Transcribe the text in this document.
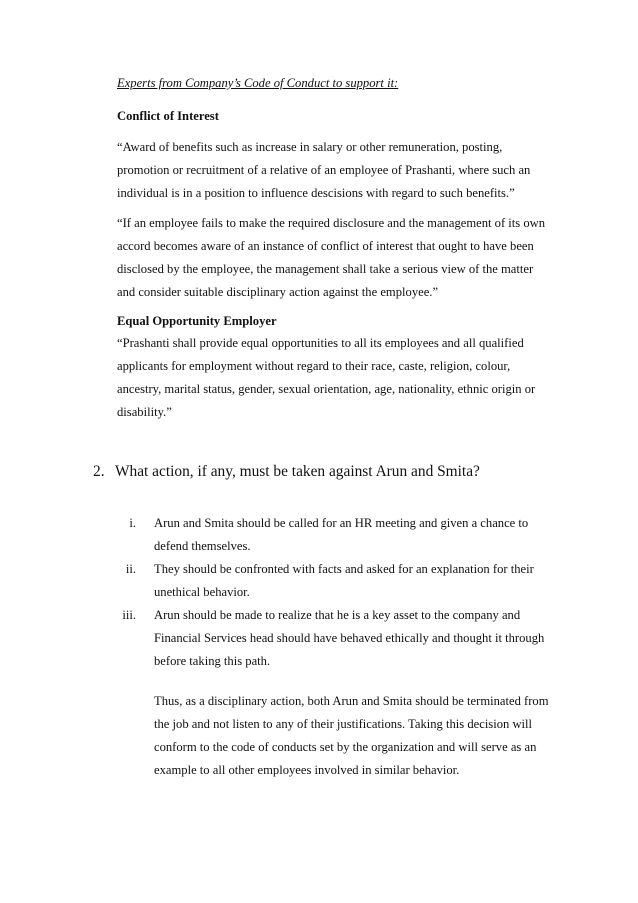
Experts from Company’s Code of Conduct to support it:
Conflict of Interest
“Award of benefits such as increase in salary or other remuneration, posting,
promotion or recruitment of a relative of an employee of Prashanti, where such an
individual is in a position to influence descisions with regard to such benefits.”
“If an employee fails to make the required disclosure and the management of its own
accord becomes aware of an instance of conflict of interest that ought to have been
disclosed by the employee, the management shall take a serious view of the matter
and consider suitable disciplinary action against the employee.”
Equal Opportunity Employer
“Prashanti shall provide equal opportunities to all its employees and all qualified
applicants for employment without regard to their race, caste, religion, colour,
ancestry, marital status, gender, sexual orientation, age, nationality, ethnic origin or
disability.”
2. What action, if any, must be taken against Arun and Smita?
i. Arun and Smita should be called for an HR meeting and given a chance to
defend themselves.
ii. They should be confronted with facts and asked for an explanation for their
unethical behavior.
iii. Arun should be made to realize that he is a key asset to the company and
Financial Services head should have behaved ethically and thought it through
before taking this path.
Thus, as a disciplinary action, both Arun and Smita should be terminated from
the job and not listen to any of their justifications. Taking this decision will
conform to the code of conducts set by the organization and will serve as an
example to all other employees involved in similar behavior.
